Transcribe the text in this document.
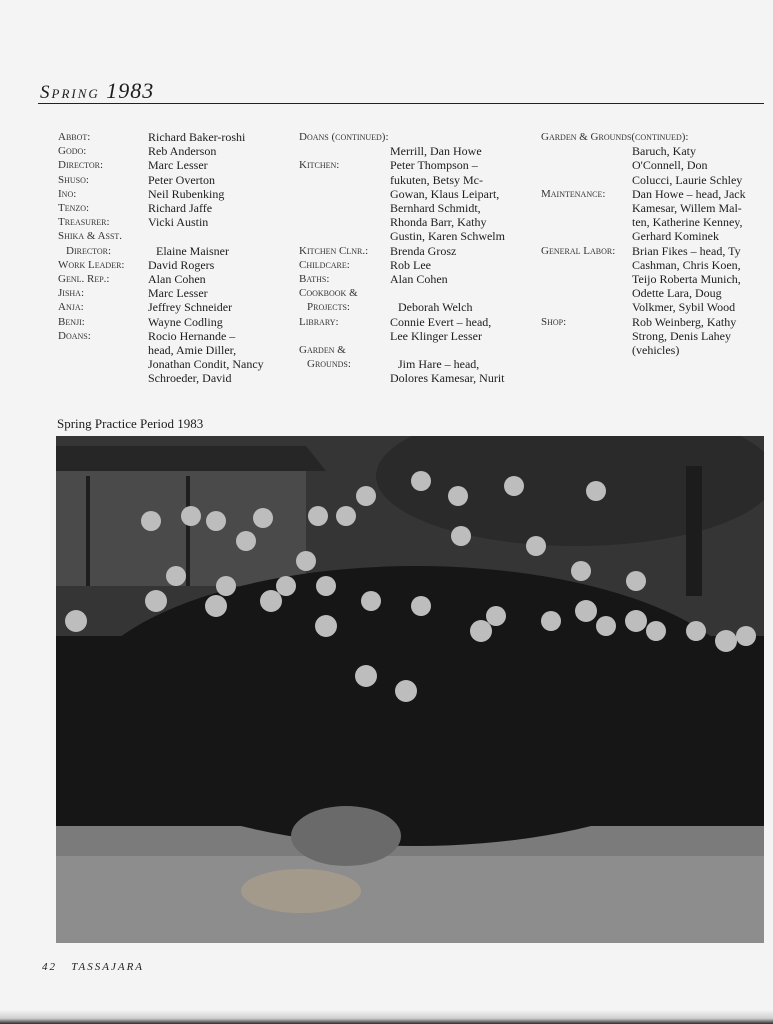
Spring 1983
Abbot:	Richard Baker-roshi
Godo:	Reb Anderson
Director:	Marc Lesser
Shuso:	Peter Overton
Ino:	Neil Rubenking
Tenzo:	Richard Jaffe
Treasurer:	Vicki Austin
Shika & Asst.
Director:	Elaine Maisner
Work Leader:	David Rogers
Genl. Rep.:	Alan Cohen
Jisha:	Marc Lesser
Anja:	Jeffrey Schneider
Benji:	Wayne Codling
Doans:	Rocio Hernande –
head, Amie Diller,
Jonathan Condit, Nancy
Schroeder, David
Doans (continued):
Merrill, Dan Howe
Kitchen:	Peter Thompson –
fukuten, Betsy Mc-
Gowan, Klaus Leipart,
Bernhard Schmidt,
Rhonda Barr, Kathy
Gustin, Karen Schwelm
Kitchen Clnr.:	Brenda Grosz
Childcare:	Rob Lee
Baths:	Alan Cohen
Cookbook &
Projects:	Deborah Welch
Library:	Connie Evert – head,
Lee Klinger Lesser
Garden &
Grounds:	Jim Hare – head,
Dolores Kamesar, Nurit
Garden & Grounds(continued):
Baruch, Katy
O'Connell, Don
Colucci, Laurie Schley
Maintenance:	Dan Howe – head, Jack
Kamesar, Willem Mal-
ten, Katherine Kenney,
Gerhard Kominek
General Labor:	Brian Fikes – head, Ty
Cashman, Chris Koen,
Teijo Roberta Munich,
Odette Lara, Doug
Volkmer, Sybil Wood
Shop:	Rob Weinberg, Kathy
Strong, Denis Lahey
(vehicles)
Spring Practice Period 1983
42 TASSAJARA
